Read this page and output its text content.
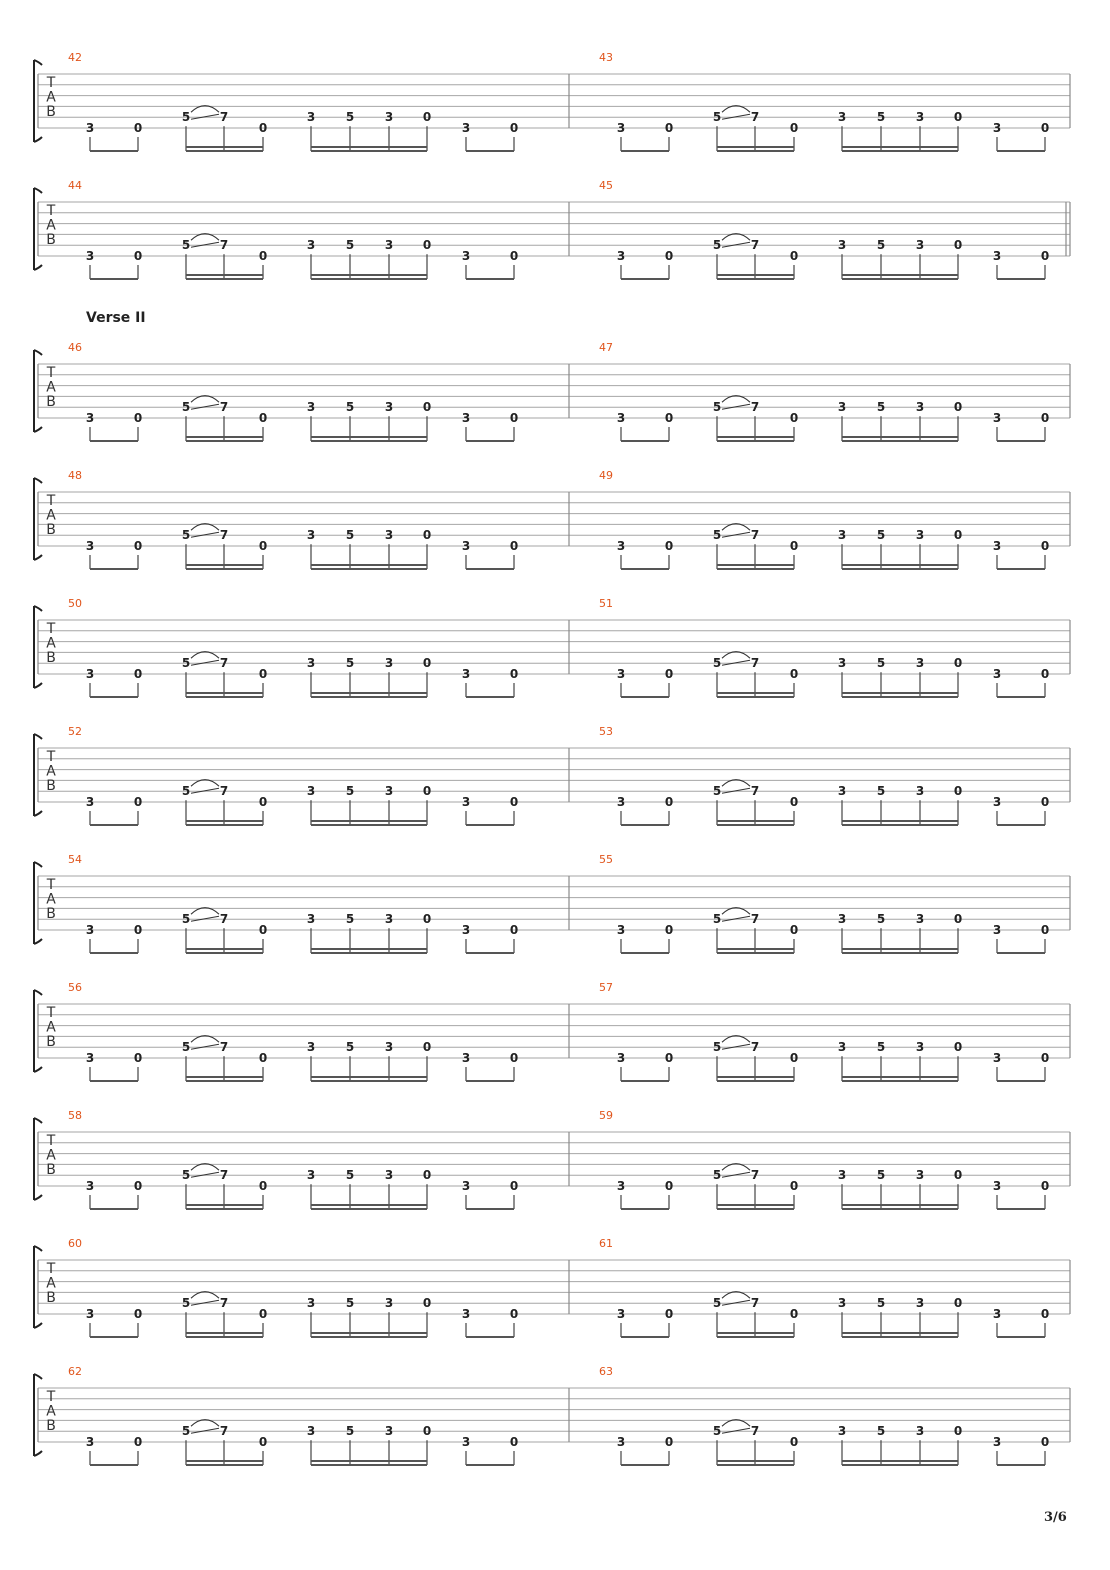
T
A
B
42
3	0
5 7
0
3	5	3 0
3	0
43
3	0
5 7
0
3	5	3 0
3	0
T
A
B
44
3	0
5 7
0
3	5	3 0
3	0
45
3	0
5 7
0
3	5	3 0
3	0
T
A
B
46
3	0
5 7
0
3	5	3 0
3	0
47
3	0
5 7
0
3	5	3 0
3	0
T
A
B
48
3	0
5 7
0
3	5	3 0
3	0
49
3	0
5 7
0
3	5	3 0
3	0
T
A
B
50
3	0
5 7
0
3	5	3 0
3	0
51
3	0
5 7
0
3	5	3 0
3	0
T
A
B
52
3	0
5 7
0
3	5	3 0
3	0
53
3	0
5 7
0
3	5	3 0
3	0
T
A
B
54
3	0
5 7
0
3	5	3 0
3	0
55
3	0
5 7
0
3	5	3 0
3	0
T
A
B
56
3	0
5 7
0
3	5	3 0
3	0
57
3	0
5 7
0
3	5	3 0
3	0
T
A
B
58
3	0
5 7
0
3	5	3 0
3	0
59
3	0
5 7
0
3	5	3 0
3	0
T
A
B
60
3	0
5 7
0
3	5	3 0
3	0
61
3	0
5 7
0
3	5	3 0
3	0
T
A
B
62
3	0
5 7
0
3	5	3 0
3	0
63
3	0
5 7
0
3	5	3 0
3	0
Verse II
3/6
